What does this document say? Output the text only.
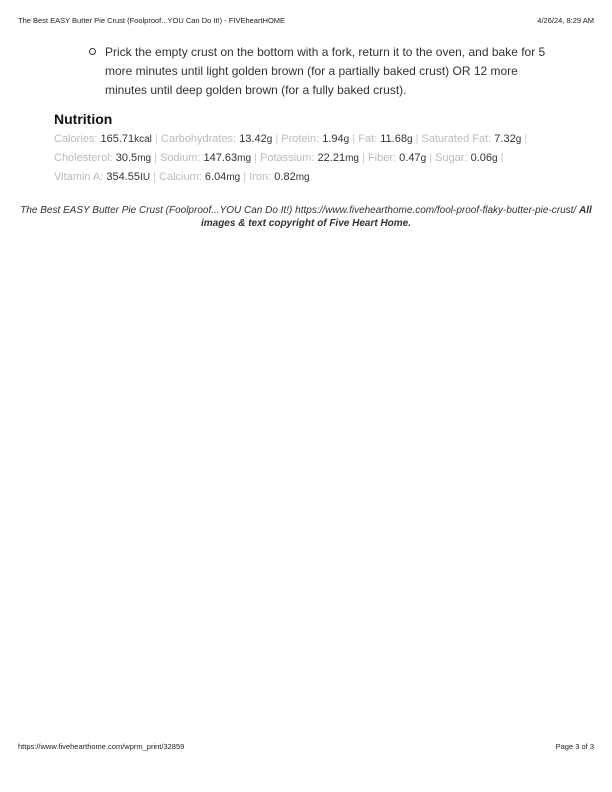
The Best EASY Butter Pie Crust (Foolproof...YOU Can Do It!) - FIVEheartHOME	4/26/24, 8:29 AM
Prick the empty crust on the bottom with a fork, return it to the oven, and bake for 5 more minutes until light golden brown (for a partially baked crust) OR 12 more minutes until deep golden brown (for a fully baked crust).
Nutrition
Calories: 165.71kcal | Carbohydrates: 13.42g | Protein: 1.94g | Fat: 11.68g | Saturated Fat: 7.32g | Cholesterol: 30.5mg | Sodium: 147.63mg | Potassium: 22.21mg | Fiber: 0.47g | Sugar: 0.06g | Vitamin A: 354.55IU | Calcium: 6.04mg | Iron: 0.82mg
The Best EASY Butter Pie Crust (Foolproof...YOU Can Do It!) https://www.fivehearthome.com/fool-proof-flaky-butter-pie-crust/ All images & text copyright of Five Heart Home.
https://www.fivehearthome.com/wprm_print/32859	Page 3 of 3
